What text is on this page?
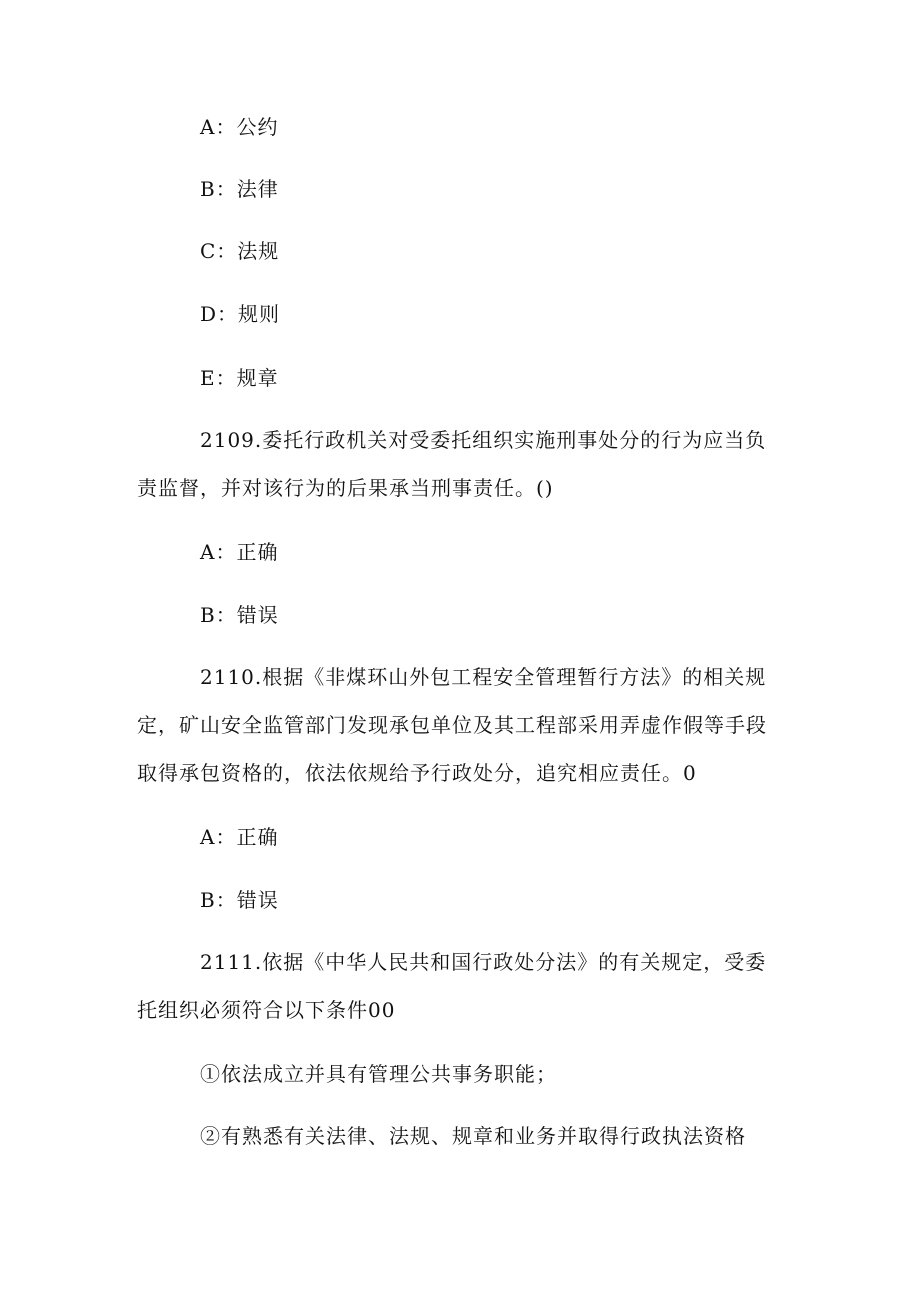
A：公约
B：法律
C：法规
D：规则
E：规章
2109.委托行政机关对受委托组织实施刑事处分的行为应当负
责监督，并对该行为的后果承当刑事责任。()
A：正确
B：错误
2110.根据《非煤环山外包工程安全管理暂行方法》的相关规
定，矿山安全监管部门发现承包单位及其工程部采用弄虚作假等手段
取得承包资格的，依法依规给予行政处分，追究相应责任。0
A：正确
B：错误
2111.依据《中华人民共和国行政处分法》的有关规定，受委
托组织必须符合以下条件00
①依法成立并具有管理公共事务职能；
②有熟悉有关法律、法规、规章和业务并取得行政执法资格
